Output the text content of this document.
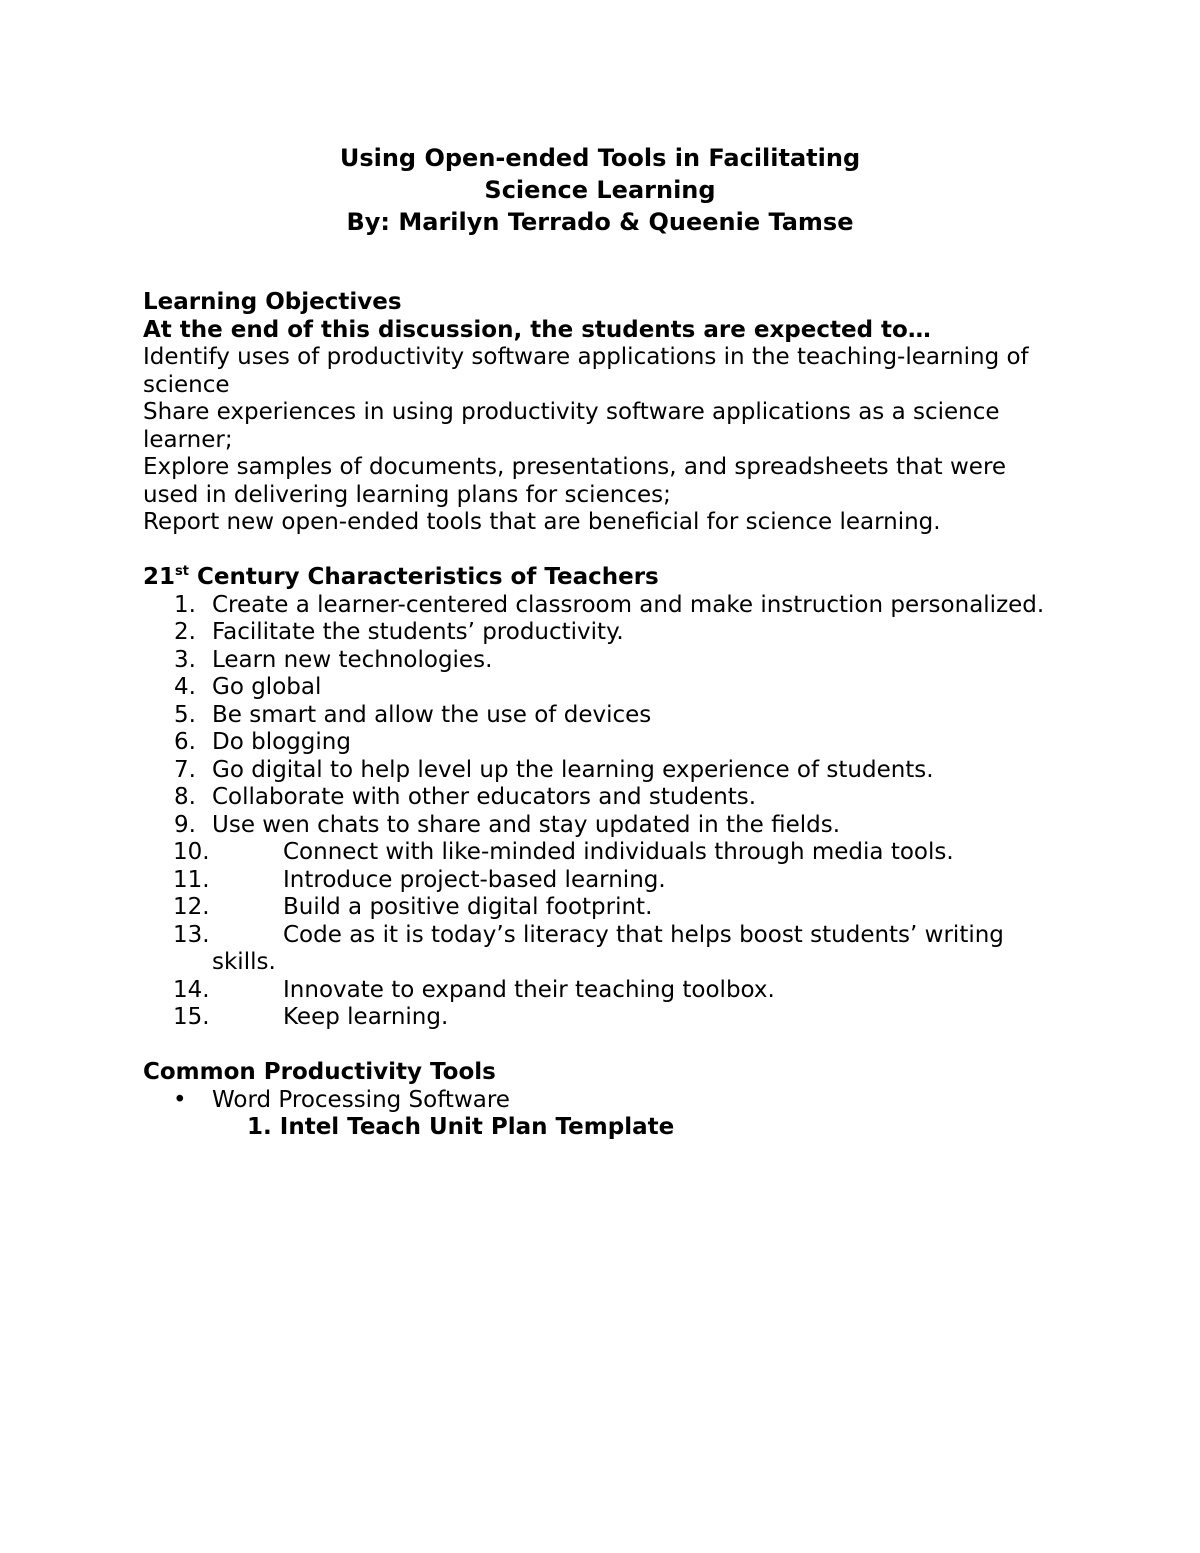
Using Open-ended Tools in Facilitating
Science Learning
By: Marilyn Terrado & Queenie Tamse
Learning Objectives
At the end of this discussion, the students are expected to…
Identify uses of productivity software applications in the teaching-learning of science
Share experiences in using productivity software applications as a science learner;
Explore samples of documents, presentations, and spreadsheets that were used in delivering learning plans for sciences;
Report new open-ended tools that are beneficial for science learning.
21st Century Characteristics of Teachers
1. Create a learner-centered classroom and make instruction personalized.
2. Facilitate the students’ productivity.
3. Learn new technologies.
4. Go global
5. Be smart and allow the use of devices
6. Do blogging
7. Go digital to help level up the learning experience of students.
8. Collaborate with other educators and students.
9. Use wen chats to share and stay updated in the fields.
10.	Connect with like-minded individuals through media tools.
11.	Introduce project-based learning.
12.	Build a positive digital footprint.
13.	Code as it is today’s literacy that helps boost students’ writing skills.
14.	Innovate to expand their teaching toolbox.
15.	Keep learning.
Common Productivity Tools
• Word Processing Software
1. Intel Teach Unit Plan Template
